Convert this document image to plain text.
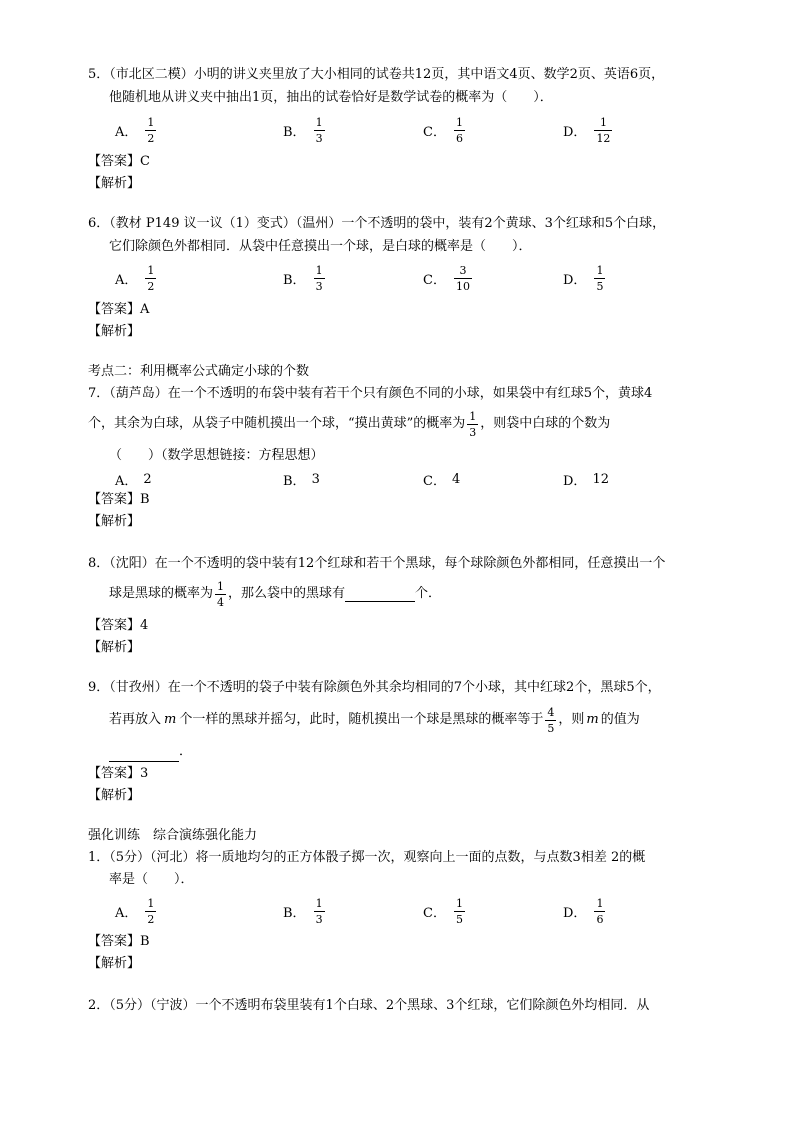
5．（市北区二模）小明的讲义夹里放了大小相同的试卷共12页，其中语文4页、数学2页、英语6页，
他随机地从讲义夹中抽出1页，抽出的试卷恰好是数学试卷的概率为（　　）．
A． $\frac{1}{2}$	B． $\frac{1}{3}$	C． $\frac{1}{6}$	D． $\frac{1}{12}$
【答案】C
【解析】
6．（教材 P149 议一议（1）变式）（温州）一个不透明的袋中，装有2个黄球、3个红球和5个白球，
它们除颜色外都相同．从袋中任意摸出一个球，是白球的概率是（　　）．
A． $\frac{1}{2}$	B． $\frac{1}{3}$	C． $\frac{3}{10}$	D． $\frac{1}{5}$
【答案】A
【解析】
考点二：利用概率公式确定小球的个数
7．（葫芦岛）在一个不透明的布袋中装有若干个只有颜色不同的小球，如果袋中有红球5个，黄球4
个，其余为白球，从袋子中随机摸出一个球，“摸出黄球”的概率为 $\frac{1}{3}$ ，则袋中白球的个数为
（　　）（数学思想链接：方程思想）
A． 2	B． 3	C． 4	D． 12
【答案】B
【解析】
8．（沈阳）在一个不透明的袋中装有12个红球和若干个黑球，每个球除颜色外都相同，任意摸出一个
球是黑球的概率为 $\frac{1}{4}$ ，那么袋中的黑球有	个．
【答案】4
【解析】
9．（甘孜州）在一个不透明的袋子中装有除颜色外其余均相同的7个小球，其中红球2个，黑球5个，
若再放入 m 个一样的黑球并摇匀，此时，随机摸出一个球是黑球的概率等于 $\frac{4}{5}$ ，则 m 的值为
．
【答案】3
【解析】
强化训练　综合演练强化能力
1．（5分）（河北）将一质地均匀的正方体骰子掷一次，观察向上一面的点数，与点数3相差 2的概
率是（　　）．
A． $\frac{1}{2}$	B． $\frac{1}{3}$	C． $\frac{1}{5}$	D． $\frac{1}{6}$
【答案】B
【解析】
2．（5分）（宁波）一个不透明布袋里装有1个白球、2个黑球、3个红球，它们除颜色外均相同．从
